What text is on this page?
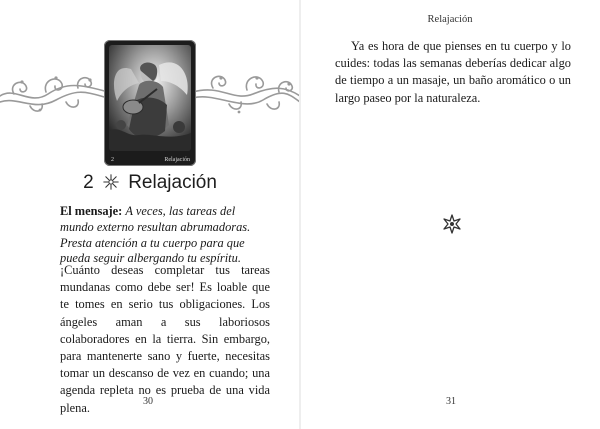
2	Relajación
2 Relajación

El mensaje: A veces, las tareas del mundo externo resultan abrumadoras. Presta atención a tu cuerpo para que pueda seguir albergando tu espíritu.

¡Cuánto deseas completar tus tareas mundanas como debe ser! Es loable que te tomes en serio tus obligaciones. Los ángeles aman a sus laboriosos colaboradores en la tierra. Sin embargo, para mantenerte sano y fuerte, necesitas tomar un descanso de vez en cuando; una agenda repleta no es prueba de una vida plena.	30
Relajación

Ya es hora de que pienses en tu cuerpo y lo cuides: todas las semanas deberías dedicar algo de tiempo a un masaje, un baño aromático o un largo paseo por la naturaleza.

31
